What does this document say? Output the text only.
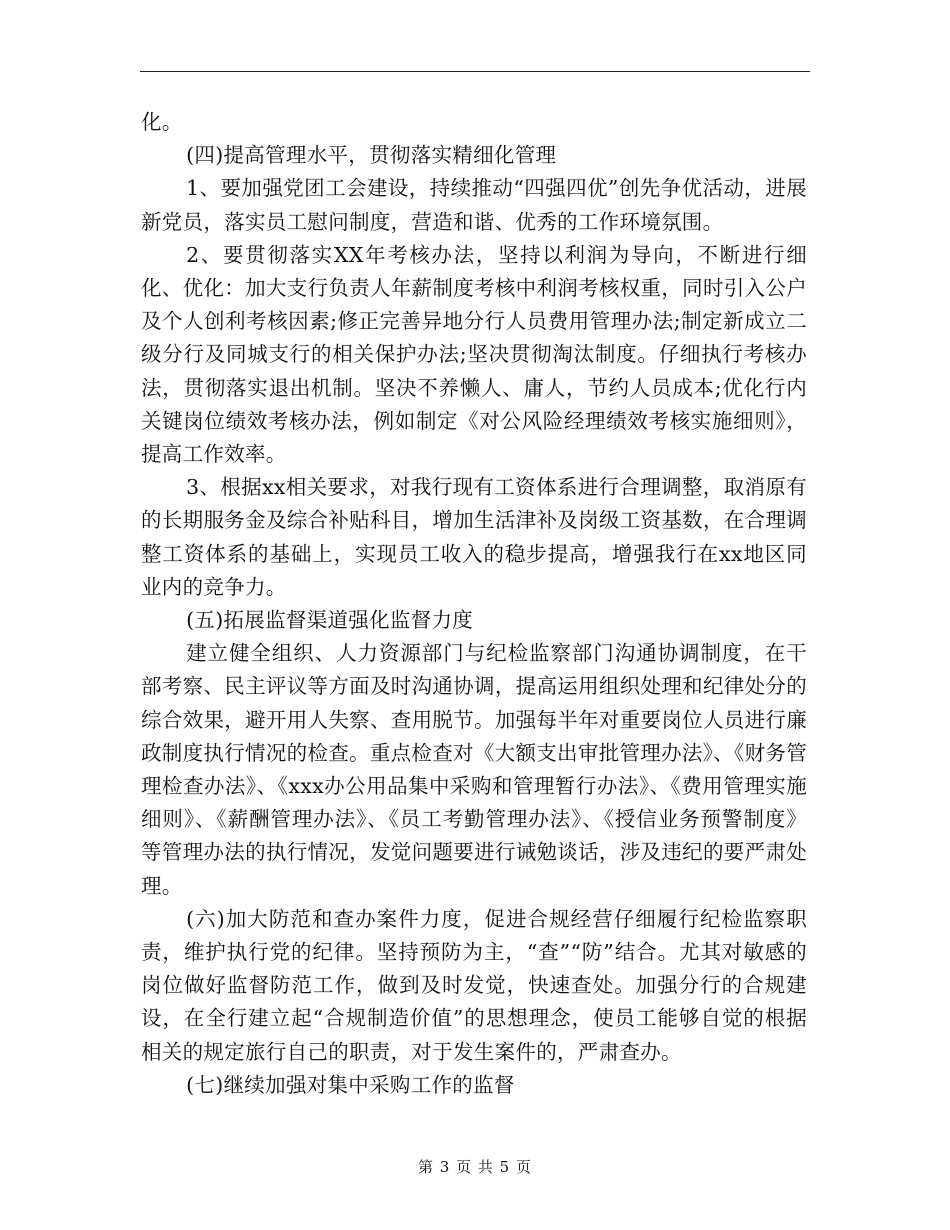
化。

(四)提高管理水平，贯彻落实精细化管理

1、要加强党团工会建设，持续推动“四强四优”创先争优活动，进展新党员，落实员工慰问制度，营造和谐、优秀的工作环境氛围。

2、要贯彻落实XX年考核办法，坚持以利润为导向，不断进行细化、优化：加大支行负责人年薪制度考核中利润考核权重，同时引入公户及个人创利考核因素;修正完善异地分行人员费用管理办法;制定新成立二级分行及同城支行的相关保护办法;坚决贯彻淘汰制度。仔细执行考核办法，贯彻落实退出机制。坚决不养懒人、庸人，节约人员成本;优化行内关键岗位绩效考核办法，例如制定《对公风险经理绩效考核实施细则》，提高工作效率。

3、根据xx相关要求，对我行现有工资体系进行合理调整，取消原有的长期服务金及综合补贴科目，增加生活津补及岗级工资基数，在合理调整工资体系的基础上，实现员工收入的稳步提高，增强我行在xx地区同业内的竞争力。

(五)拓展监督渠道强化监督力度

建立健全组织、人力资源部门与纪检监察部门沟通协调制度，在干部考察、民主评议等方面及时沟通协调，提高运用组织处理和纪律处分的综合效果，避开用人失察、查用脱节。加强每半年对重要岗位人员进行廉政制度执行情况的检查。重点检查对《大额支出审批管理办法》、《财务管理检查办法》、《xxx办公用品集中采购和管理暂行办法》、《费用管理实施细则》、《薪酬管理办法》、《员工考勤管理办法》、《授信业务预警制度》等管理办法的执行情况，发觉问题要进行诫勉谈话，涉及违纪的要严肃处理。

(六)加大防范和查办案件力度，促进合规经营仔细履行纪检监察职责，维护执行党的纪律。坚持预防为主，“查”“防”结合。尤其对敏感的岗位做好监督防范工作，做到及时发觉，快速查处。加强分行的合规建设，在全行建立起“合规制造价值”的思想理念，使员工能够自觉的根据相关的规定旅行自己的职责，对于发生案件的，严肃查办。

(七)继续加强对集中采购工作的监督

第 3 页 共 5 页
